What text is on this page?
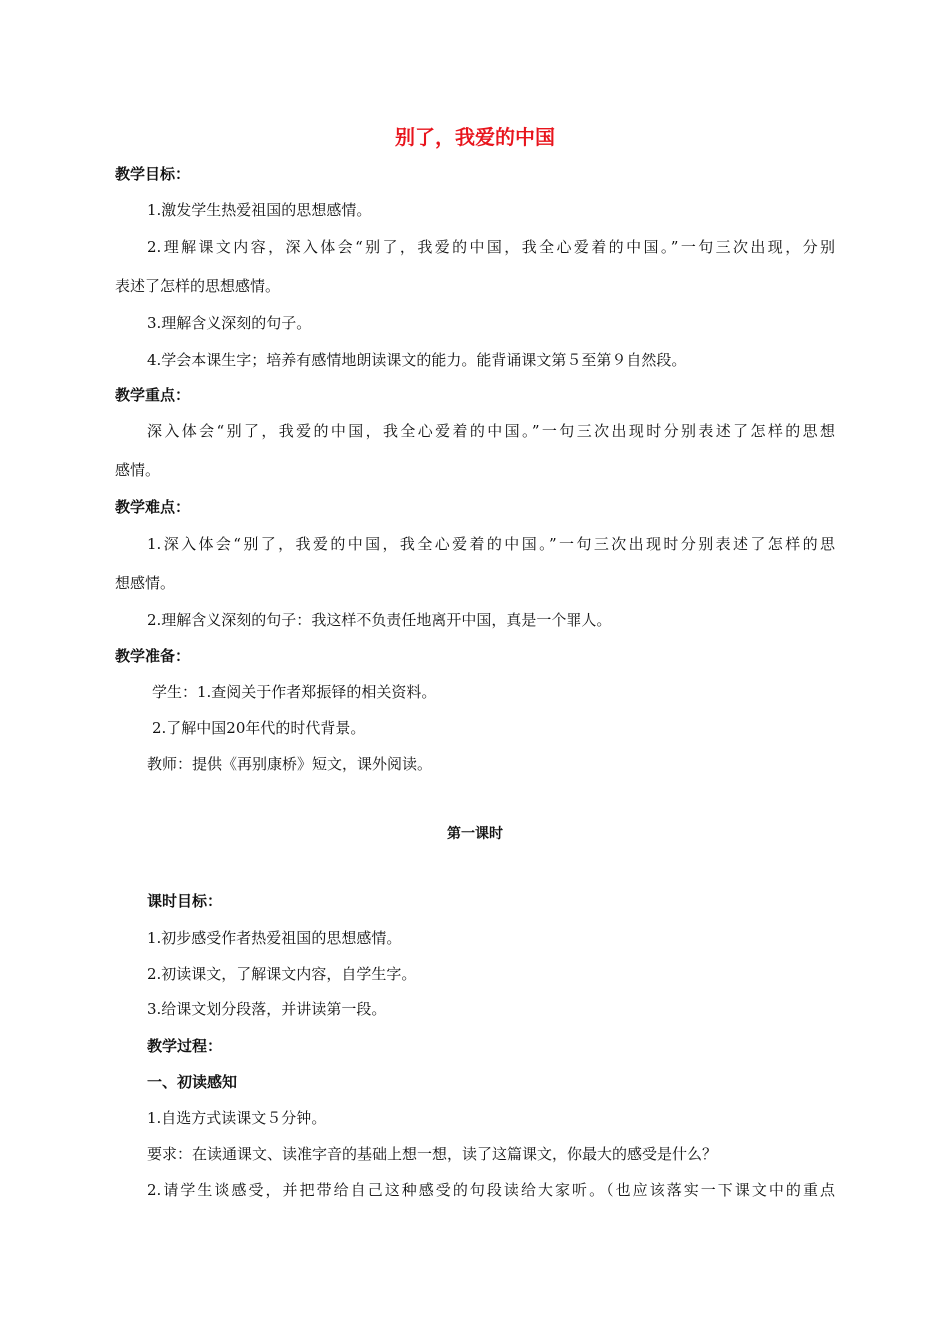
别了，我爱的中国
教学目标：
1.激发学生热爱祖国的思想感情。
2.理解课文内容，深入体会“别了，我爱的中国，我全心爱着的中国。”一句三次出现，分别
表述了怎样的思想感情。
3.理解含义深刻的句子。
4.学会本课生字；培养有感情地朗读课文的能力。能背诵课文第５至第９自然段。
教学重点：
深入体会“别了，我爱的中国，我全心爱着的中国。”一句三次出现时分别表述了怎样的思想
感情。
教学难点：
1.深入体会“别了，我爱的中国，我全心爱着的中国。”一句三次出现时分别表述了怎样的思
想感情。
2.理解含义深刻的句子：我这样不负责任地离开中国，真是一个罪人。
教学准备：
学生：1.查阅关于作者郑振铎的相关资料。
2.了解中国20年代的时代背景。
教师：提供《再别康桥》短文，课外阅读。
第一课时
课时目标：
1.初步感受作者热爱祖国的思想感情。
2.初读课文，了解课文内容，自学生字。
3.给课文划分段落，并讲读第一段。
教学过程：
一、初读感知
1.自选方式读课文５分钟。
要求：在读通课文、读准字音的基础上想一想，读了这篇课文，你最大的感受是什么？
2.请学生谈感受，并把带给自己这种感受的句段读给大家听。（也应该落实一下课文中的重点
